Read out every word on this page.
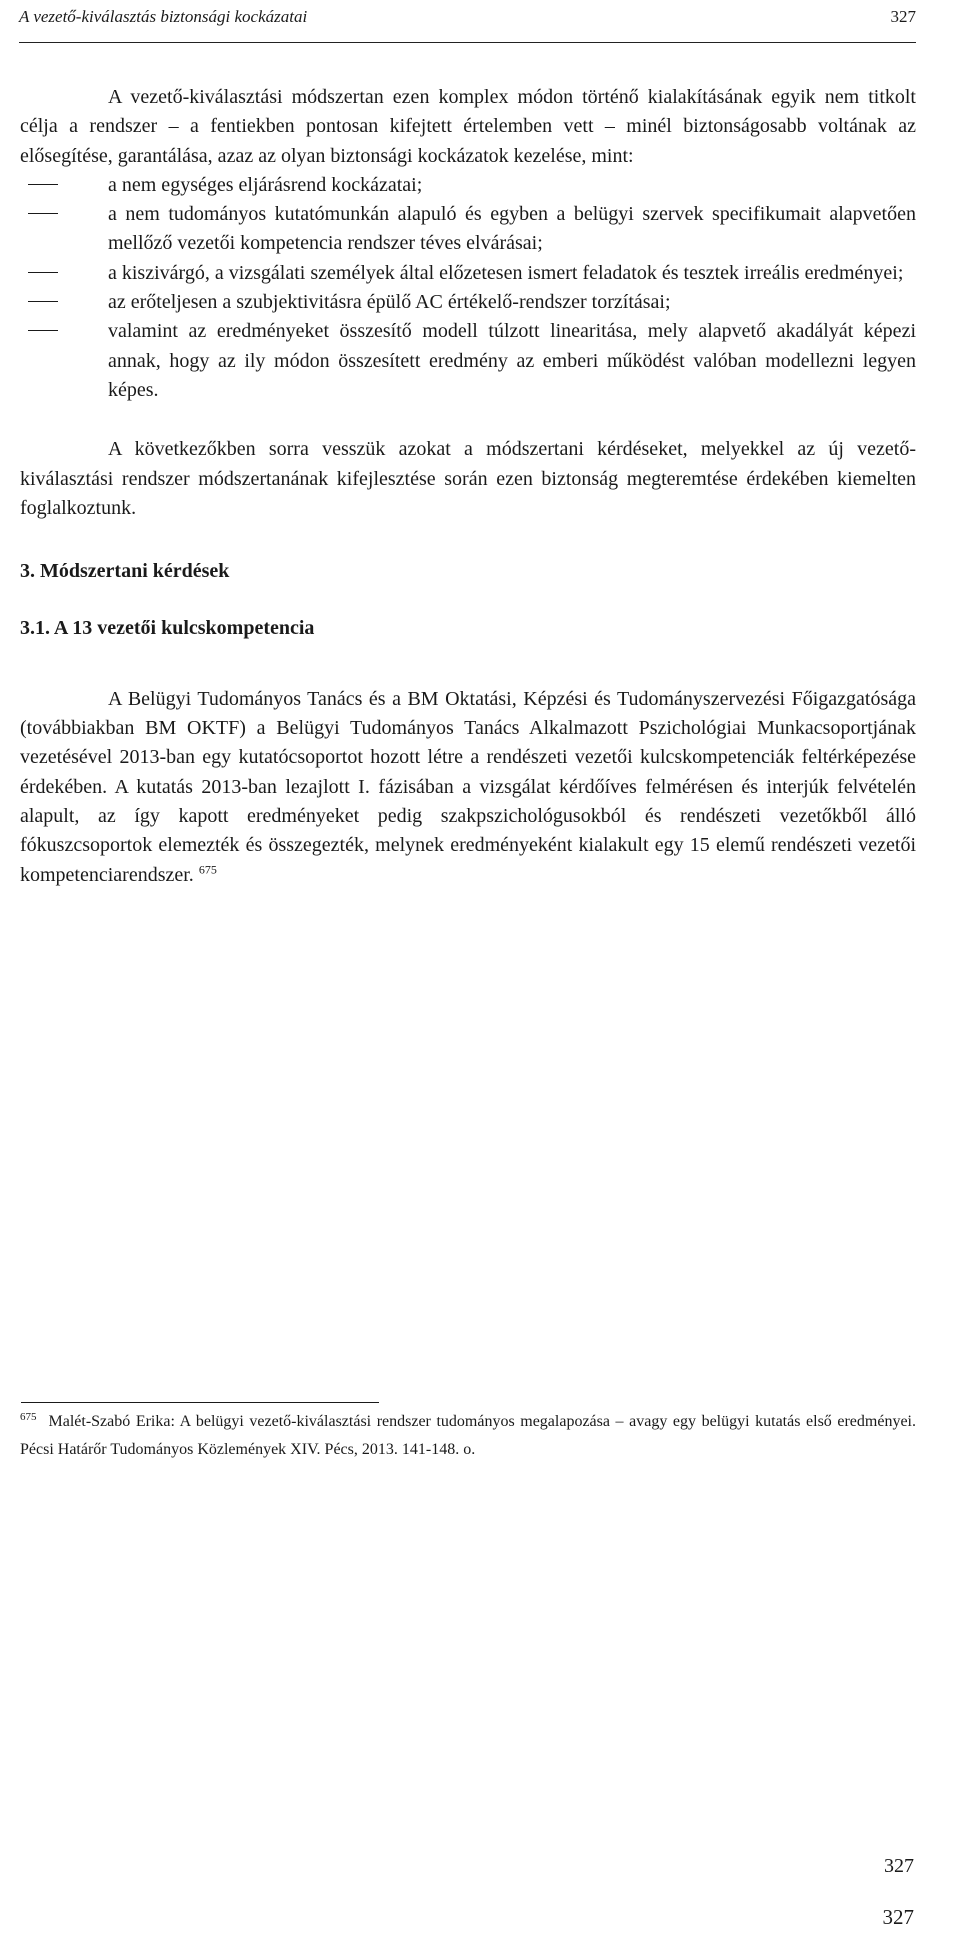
A vezető-kiválasztás biztonsági kockázatai	327

A vezető-kiválasztási módszertan ezen komplex módon történő kialakításának egyik nem titkolt célja a rendszer – a fentiekben pontosan kifejtett értelemben vett – minél biztonságosabb voltának az elősegítése, garantálása, azaz az olyan biztonsági kockázatok kezelése, mint:

a nem egységes eljárásrend kockázatai;
a nem tudományos kutatómunkán alapuló és egyben a belügyi szervek specifikumait alapvetően mellőző vezetői kompetencia rendszer téves elvárásai;
a kiszivárgó, a vizsgálati személyek által előzetesen ismert feladatok és tesztek irreális eredményei;
az erőteljesen a szubjektivitásra épülő AC értékelő-rendszer torzításai;
valamint az eredményeket összesítő modell túlzott linearitása, mely alapvető akadályát képezi annak, hogy az ily módon összesített eredmény az emberi működést valóban modellezni legyen képes.

A következőkben sorra vesszük azokat a módszertani kérdéseket, melyekkel az új vezető-kiválasztási rendszer módszertanának kifejlesztése során ezen biztonság megteremtése érdekében kiemelten foglalkoztunk.

3. Módszertani kérdések

3.1. A 13 vezetői kulcskompetencia

A Belügyi Tudományos Tanács és a BM Oktatási, Képzési és Tudományszervezési Főigazgatósága (továbbiakban BM OKTF) a Belügyi Tudományos Tanács Alkalmazott Pszichológiai Munkacsoportjának vezetésével 2013-ban egy kutatócsoportot hozott létre a rendészeti vezetői kulcskompetenciák feltérképezése érdekében. A kutatás 2013-ban lezajlott I. fázisában a vizsgálat kérdőíves felmérésen és interjúk felvételén alapult, az így kapott eredményeket pedig szakpszichológusokból és rendészeti vezetőkből álló fókuszcsoportok elemezték és összegezték, melynek eredményeként kialakult egy 15 elemű rendészeti vezetői kompetenciarendszer. $^{675}$

$^{675}$ Malét-Szabó Erika: A belügyi vezető-kiválasztási rendszer tudományos megalapozása – avagy egy belügyi kutatás első eredményei. Pécsi Határőr Tudományos Közlemények XIV. Pécs, 2013. 141-148. o.
327
327
